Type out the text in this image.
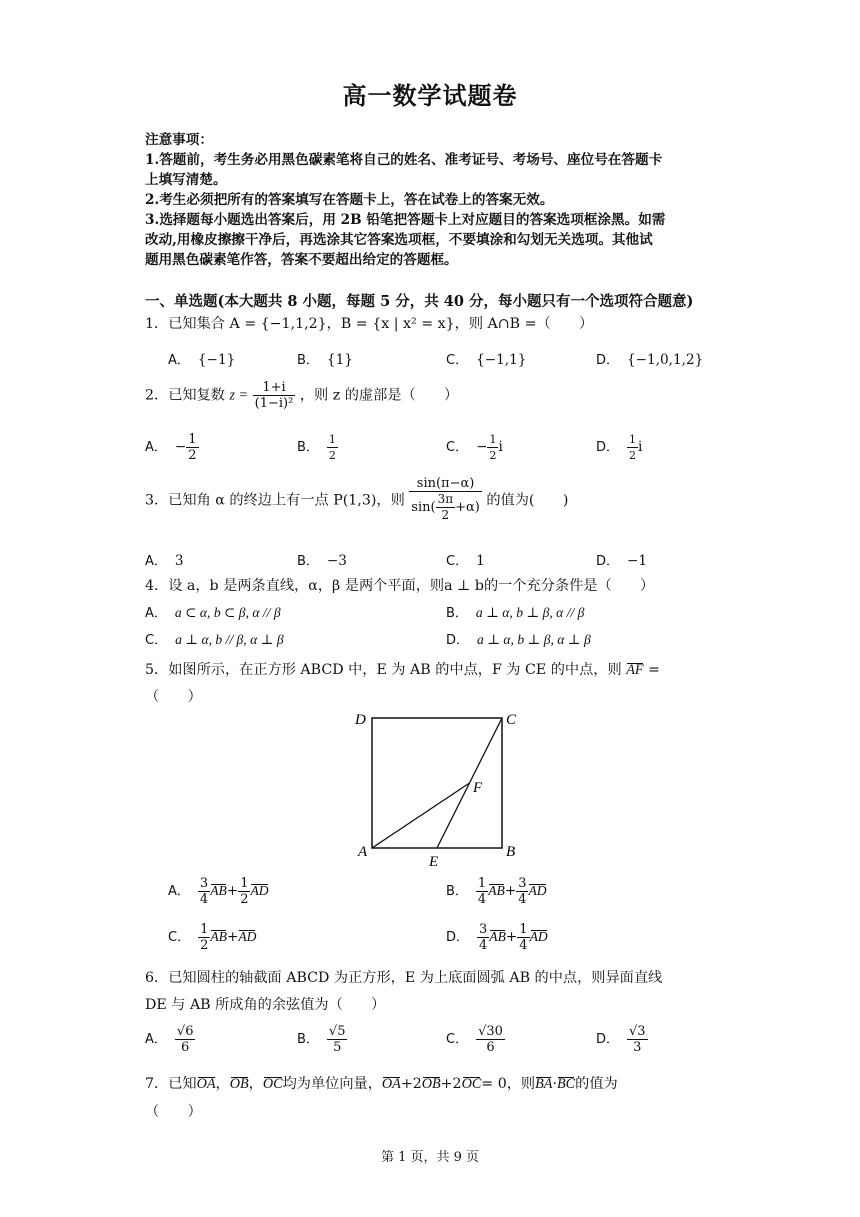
高一数学试题卷
注意事项：
1.答题前，考生务必用黑色碳素笔将自己的姓名、准考证号、考场号、座位号在答题卡
上填写清楚。
2.考生必须把所有的答案填写在答题卡上，答在试卷上的答案无效。
3.选择题每小题选出答案后，用 2B 铅笔把答题卡上对应题目的答案选项框涂黑。如需
改动,用橡皮擦擦干净后，再选涂其它答案选项框，不要填涂和勾划无关选项。其他试
题用黑色碳素笔作答，答案不要超出给定的答题框。
一、单选题(本大题共 8 小题，每题 5 分，共 40 分，每小题只有一个选项符合题意)
1．已知集合 A = {−1,1,2}，B = {x | x² = x}，则 A∩B =（　　）
A． {−1}	B． {1}	C． {−1,1}	D． {−1,0,1,2}
2．已知复数 $z = \frac{1+i}{\text{(1−i)²}}$ ，则 z 的虚部是（　　）
A． − $\frac{1}{2}$	B． $\frac{1}{2}$	C． − $\frac{1}{2}$ i	D． $\frac{1}{2}$ i
3．已知角 α 的终边上有一点 P(1,3)，则 $\frac{\sin(\pi-\alpha)}{\sin( \frac{3\pi}{2} +\alpha)}$ 的值为(　　)
A． 3	B． −3	C． 1	D． −1
4．设 a，b 是两条直线，α，β 是两个平面，则a ⊥ b的一个充分条件是（　　）
A． a ⊂ α, b ⊂ β, α // β	B． a ⊥ α, b ⊥ β, α // β
C． a ⊥ α, b // β, α ⊥ β	D． a ⊥ α, b ⊥ β, α ⊥ β
5．如图所示，在正方形 ABCD 中，E 为 AB 的中点，F 为 CE 的中点，则 AF =
（　　）
D	C
F
A
E
B
A． $\frac{3}{4} AB+ \frac{1}{2}$ AD	B． $\frac{1}{4} AB+ \frac{3}{4}$ AD
C． $\frac{1}{2} AB+AD$	D． $\frac{3}{4} AB+ \frac{1}{4}$ AD
6．已知圆柱的轴截面 ABCD 为正方形，E 为上底面圆弧 AB 的中点，则异面直线
DE 与 AB 所成角的余弦值为（　　）
A． $\frac{√6}{6}$	B． $\frac{√5}{5}$	C． $\frac{√30}{6}$	D． $\frac{√3}{3}$
7．已知OA，OB，OC均为单位向量，OA+2OB+2OC= 0，则BA·BC的值为
（　　）
第 1 页，共 9 页
